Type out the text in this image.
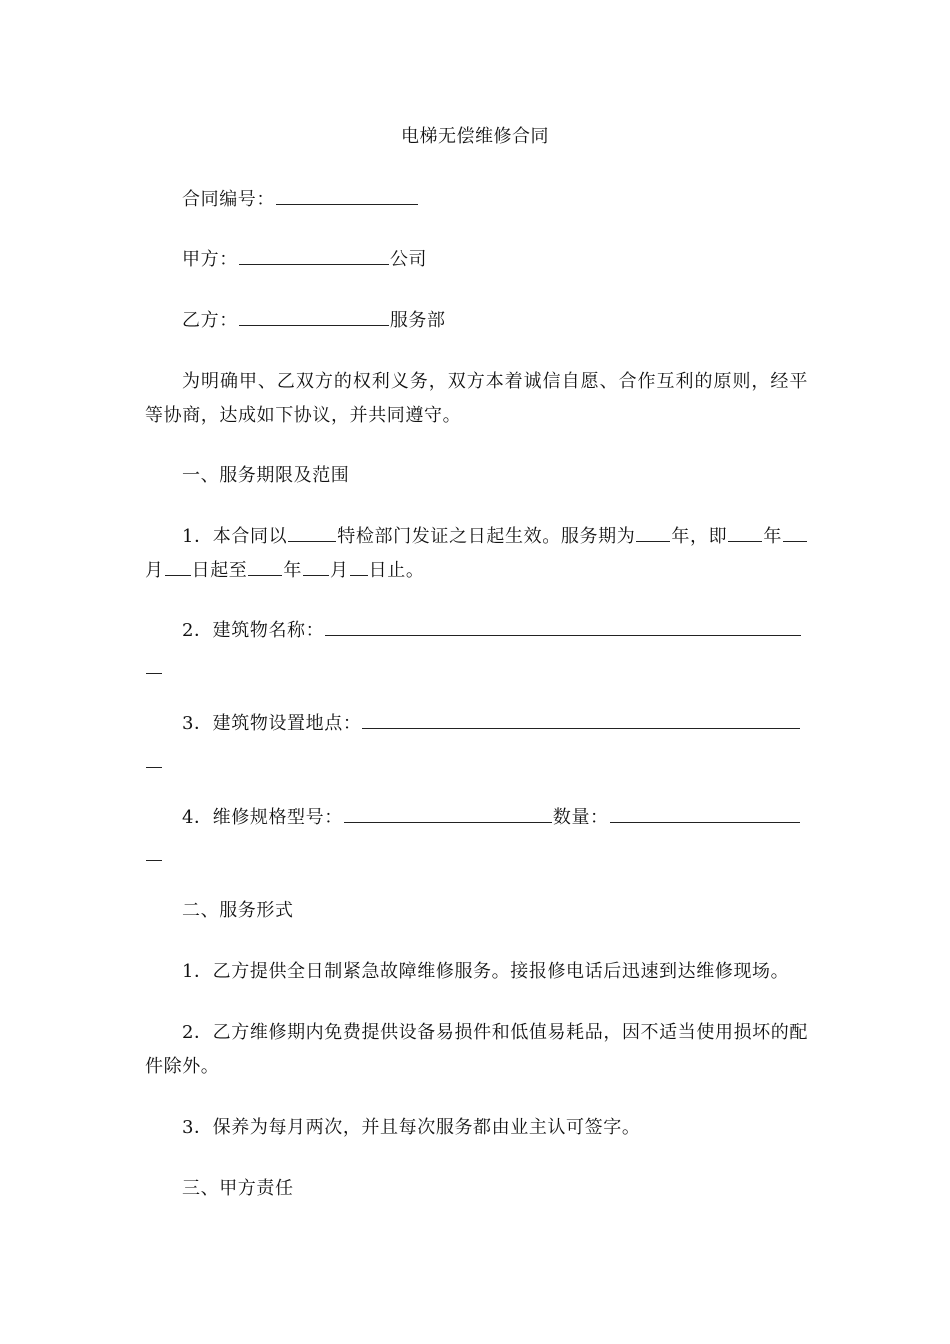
电梯无偿维修合同
合同编号：
甲方：	公司
乙方：	服务部
为明确甲、乙双方的权利义务，双方本着诚信自愿、合作互利的原则，经平等协商，达成如下协议，并共同遵守。
一、服务期限及范围
1．本合同以	特检部门发证之日起生效。服务期为 年，即 年月 日起至 年 月 日止。
2．建筑物名称：
3．建筑物设置地点：
4．维修规格型号：	数量：
二、服务形式
1．乙方提供全日制紧急故障维修服务。接报修电话后迅速到达维修现场。
2．乙方维修期内免费提供设备易损件和低值易耗品，因不适当使用损坏的配件除外。
3．保养为每月两次，并且每次服务都由业主认可签字。
三、甲方责任
